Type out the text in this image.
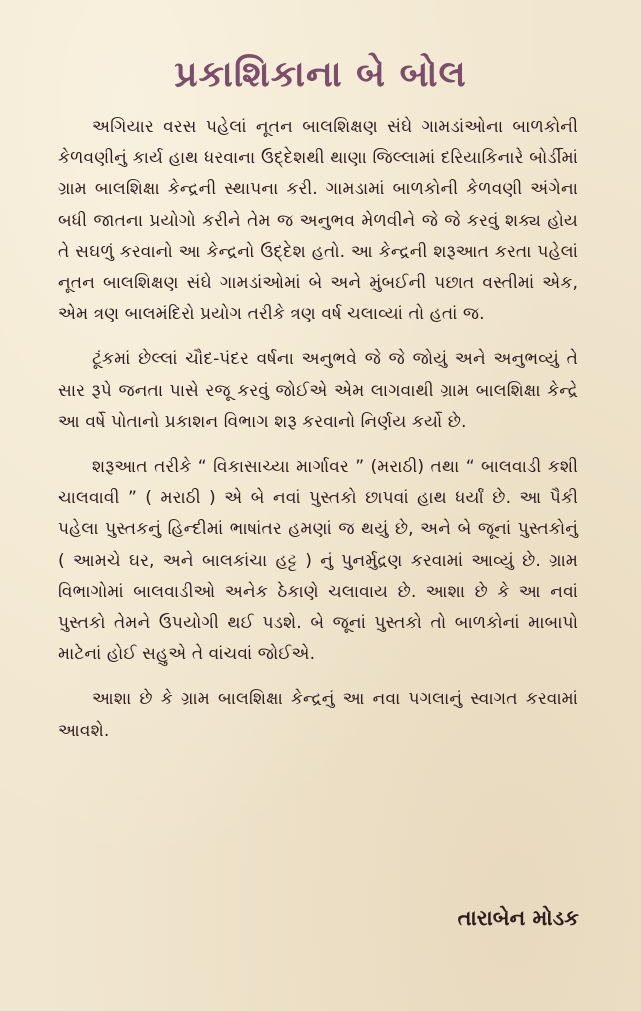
પ્રકાશિકાના બે બોલ

અગિયાર વરસ પહેલાં નૂતન બાલશિક્ષણ સંઘે ગામડાંઓના બાળકોની કેળવણીનું કાર્ય હાથ ધરવાના ઉદ્દેશથી થાણા જિલ્લામાં દરિયાકિનારે બોર્ડીમાં ગ્રામ બાલશિક્ષા કેન્દ્રની સ્થાપના કરી. ગામડામાં બાળકોની કેળવણી અંગેના બધી જાતના પ્રયોગો કરીને તેમ જ અનુભવ મેળવીને જે જે કરવું શક્ય હોય તે સઘળું કરવાનો આ કેન્દ્રનો ઉદ્દેશ હતો. આ કેન્દ્રની શરૂઆત કરતા પહેલાં નૂતન બાલશિક્ષણ સંઘે ગામડાંઓમાં બે અને મુંબઈની પછાત વસ્તીમાં એક, એમ ત્રણ બાલમંદિરો પ્રયોગ તરીકે ત્રણ વર્ષ ચલાવ્યાં તો હતાં જ.

ટૂંકમાં છેલ્લાં ચૌદ-પંદર વર્ષના અનુભવે જે જે જોયું અને અનુભવ્યું તે સાર રૂપે જનતા પાસે રજૂ કરવું જોઈએ એમ લાગવાથી ગ્રામ બાલશિક્ષા કેન્દ્રે આ વર્ષે પોતાનો પ્રકાશન વિભાગ શરૂ કરવાનો નિર્ણય કર્યો છે.

શરૂઆત તરીકે “ વિકાસાચ્યા માર્ગાવર ” (મરાઠી) તથા “ બાલવાડી કશી ચાલવાવી ” ( મરાઠી ) એ બે નવાં પુસ્તકો છાપવાં હાથ ધર્યાં છે. આ પૈકી પહેલા પુસ્તકનું હિન્દીમાં ભાષાંતર હમણાં જ થયું છે, અને બે જૂનાં પુસ્તકોનું ( આમચે ઘર, અને બાલકાંચા હટ્ટ ) નું પુનર્મુદ્રણ કરવામાં આવ્યું છે. ગ્રામ વિભાગોમાં બાલવાડીઓ અનેક ઠેકાણે ચલાવાય છે. આશા છે કે આ નવાં પુસ્તકો તેમને ઉપયોગી થઈ પડશે. બે જૂનાં પુસ્તકો તો બાળકોનાં માબાપો માટેનાં હોઈ સહુએ તે વાંચવાં જોઈએ.

આશા છે કે ગ્રામ બાલશિક્ષા કેન્દ્રનું આ નવા પગલાનું સ્વાગત કરવામાં આવશે.

તારાબેન મોડક
